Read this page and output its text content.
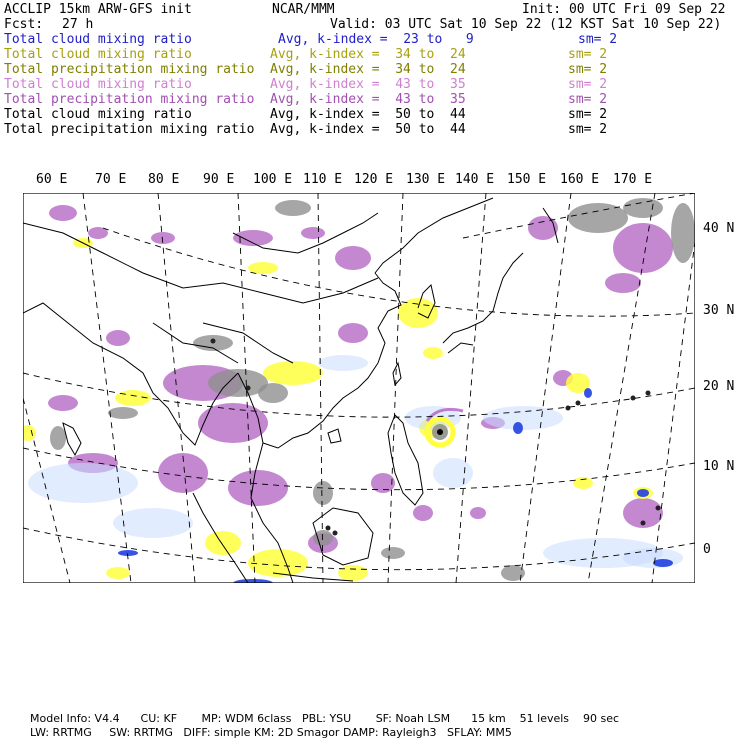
ACCLIP 15km ARW-GFS init	NCAR/MMM	Init: 00 UTC Fri 09 Sep 22
Fcst: 27 h	Valid: 03 UTC Sat 10 Sep 22 (12 KST Sat 10 Sep 22)
Total cloud mixing ratio	Avg, k-index =  23 to   9	sm= 2
Total cloud mixing ratio	Avg, k-index =  34 to  24	sm= 2
Total precipitation mixing ratio Avg, k-index =  34 to  24	sm= 2
Total cloud mixing ratio	Avg, k-index =  43 to  35	sm= 2
Total precipitation mixing ratio Avg, k-index =  43 to  35	sm= 2
Total cloud mixing ratio	Avg, k-index =  50 to  44	sm= 2
Total precipitation mixing ratio Avg, k-index =  50 to  44	sm= 2
60 E 70 E 80 E 90 E 100 E 110 E 120 E 130 E 140 E 150 E 160 E 170 E
40 N
30 N
20 N
10 N
0
Model Info: V4.4      CU: KF       MP: WDM 6class   PBL: YSU       SF: Noah LSM      15 km    51 levels    90 sec
LW: RRTMG     SW: RRTMG   DIFF: simple KM: 2D Smagor DAMP: Rayleigh3   SFLAY: MM5
